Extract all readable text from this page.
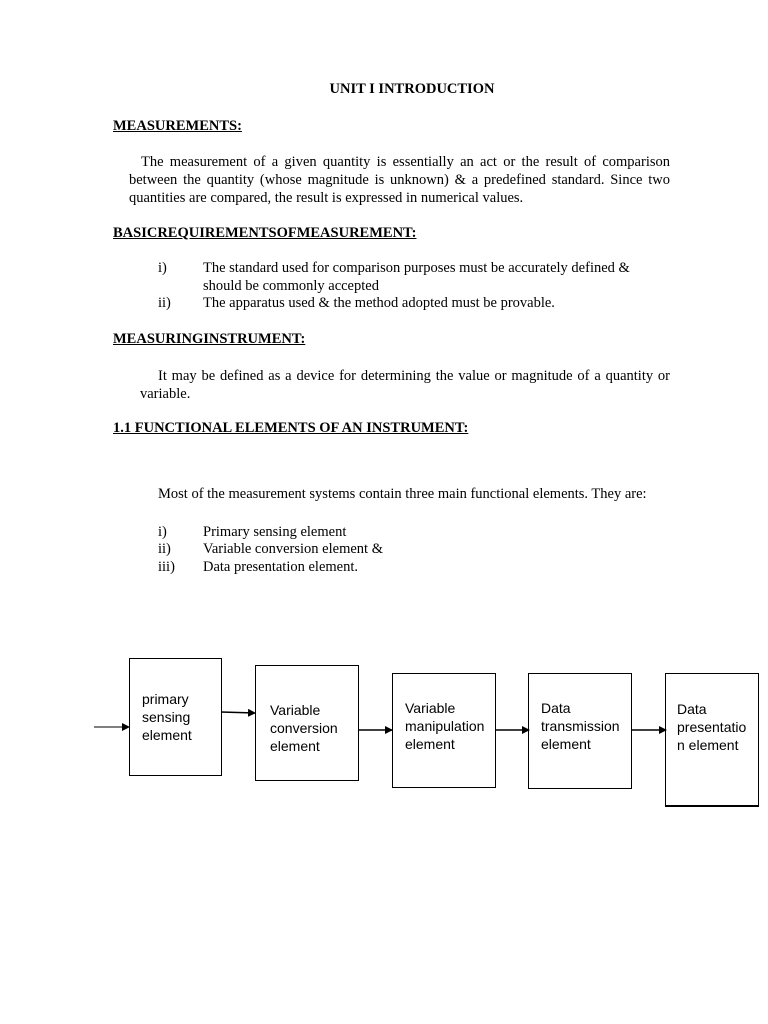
UNIT I INTRODUCTION
MEASUREMENTS:
The measurement of a given quantity is essentially an act or the result of comparison
between the quantity (whose magnitude is unknown) & a predefined standard. Since two
quantities are compared, the result is expressed in numerical values.
BASICREQUIREMENTSOFMEASUREMENT:
i) The standard used for comparison purposes must be accurately defined &
should be commonly accepted
ii) The apparatus used & the method adopted must be provable.
MEASURINGINSTRUMENT:
It may be defined as a device for determining the value or magnitude of a quantity or
variable.
1.1 FUNCTIONAL ELEMENTS OF AN INSTRUMENT:
Most of the measurement systems contain three main functional elements. They are:
i) Primary sensing element
ii) Variable conversion element &
iii) Data presentation element.
primary
sensing
element
Variable
conversion
element
Variable
manipulation
element
Data
transmission
element
Data
presentatio
n element
